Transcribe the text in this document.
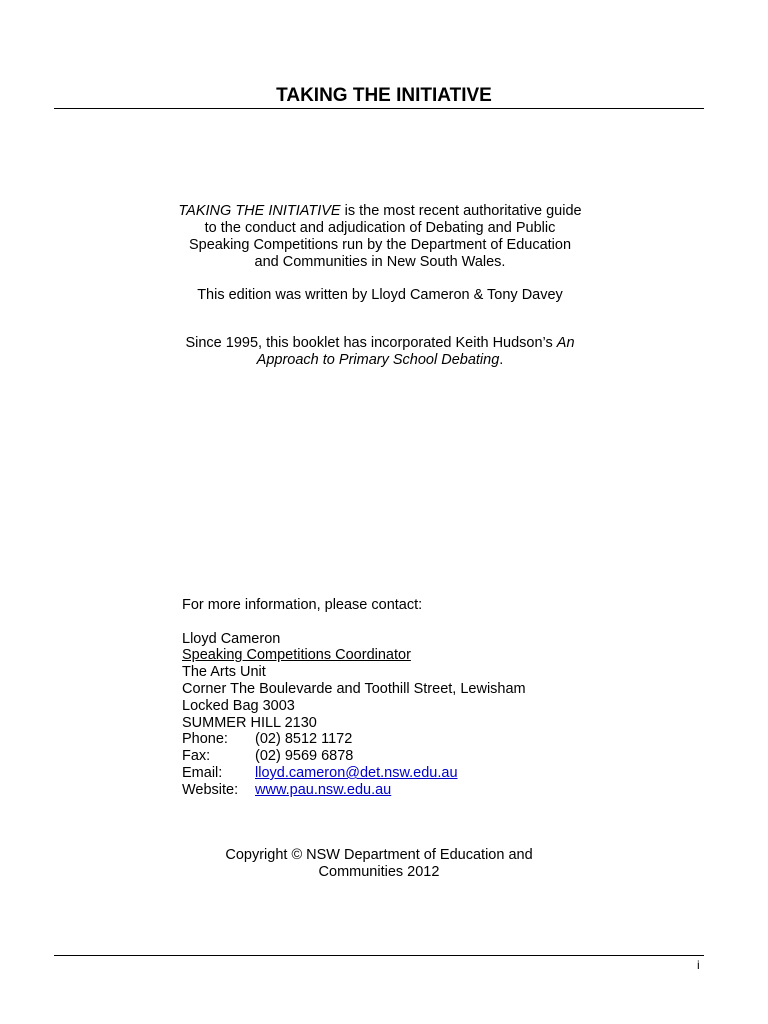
TAKING THE INITIATIVE

TAKING THE INITIATIVE is the most recent authoritative guide to the conduct and adjudication of Debating and Public Speaking Competitions run by the Department of Education and Communities in New South Wales.

This edition was written by Lloyd Cameron & Tony Davey

Since 1995, this booklet has incorporated Keith Hudson’s An Approach to Primary School Debating.

For more information, please contact:
Lloyd Cameron
Speaking Competitions Coordinator
The Arts Unit
Corner The Boulevarde and Toothill Street, Lewisham
Locked Bag 3003
SUMMER HILL 2130
Phone: (02) 8512 1172
Fax:	(02) 9569 6878
Email: lloyd.cameron@det.nsw.edu.au
Website: www.pau.nsw.edu.au
Copyright © NSW Department of Education and Communities 2012
i
